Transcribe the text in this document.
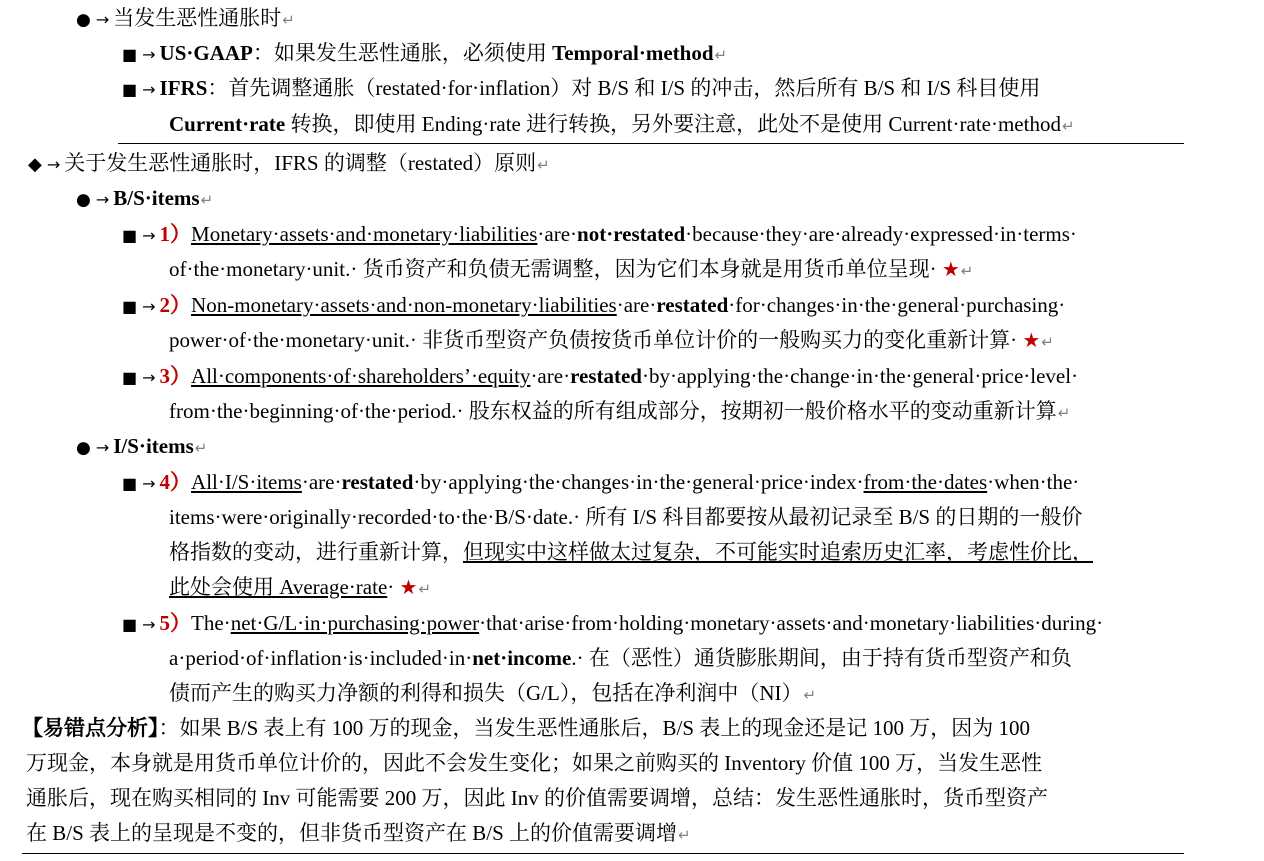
● → 当发生恶性通胀时↵
■ → US·GAAP：如果发生恶性通胀，必须使用 Temporal·method↵
■ → IFRS：首先调整通胀（restated·for·inflation）对 B/S 和 I/S 的冲击，然后所有 B/S 和 I/S 科目使用
Current·rate 转换，即使用 Ending·rate 进行转换，另外要注意，此处不是使用 Current·rate·method↵
◆ → 关于发生恶性通胀时，IFRS 的调整（restated）原则↵
● → B/S·items↵
■ → 1）Monetary·assets·and·monetary·liabilities·are·not·restated·because·they·are·already·expressed·in·terms·
of·the·monetary·unit.· 货币资产和负债无需调整，因为它们本身就是用货币单位呈现· ★↵
■ → 2）Non-monetary·assets·and·non-monetary·liabilities·are·restated·for·changes·in·the·general·purchasing·
power·of·the·monetary·unit.· 非货币型资产负债按货币单位计价的一般购买力的变化重新计算· ★↵
■ → 3）All·components·of·shareholders’·equity·are·restated·by·applying·the·change·in·the·general·price·level·
from·the·beginning·of·the·period.· 股东权益的所有组成部分，按期初一般价格水平的变动重新计算↵
● → I/S·items↵
■ → 4）All·I/S·items·are·restated·by·applying·the·changes·in·the·general·price·index·from·the·dates·when·the·
items·were·originally·recorded·to·the·B/S·date.· 所有 I/S 科目都要按从最初记录至 B/S 的日期的一般价
格指数的变动，进行重新计算，但现实中这样做太过复杂，不可能实时追索历史汇率，考虑性价比，
此处会使用 Average·rate· ★↵
■ → 5）The·net·G/L·in·purchasing·power·that·arise·from·holding·monetary·assets·and·monetary·liabilities·during·
a·period·of·inflation·is·included·in·net·income.· 在（恶性）通货膨胀期间，由于持有货币型资产和负
债而产生的购买力净额的利得和损失（G/L），包括在净利润中（NI）↵
【易错点分析】：如果 B/S 表上有 100 万的现金，当发生恶性通胀后，B/S 表上的现金还是记 100 万，因为 100
万现金，本身就是用货币单位计价的，因此不会发生变化；如果之前购买的 Inventory 价值 100 万，当发生恶性
通胀后，现在购买相同的 Inv 可能需要 200 万，因此 Inv 的价值需要调增，总结：发生恶性通胀时，货币型资产
在 B/S 表上的呈现是不变的，但非货币型资产在 B/S 上的价值需要调增↵
